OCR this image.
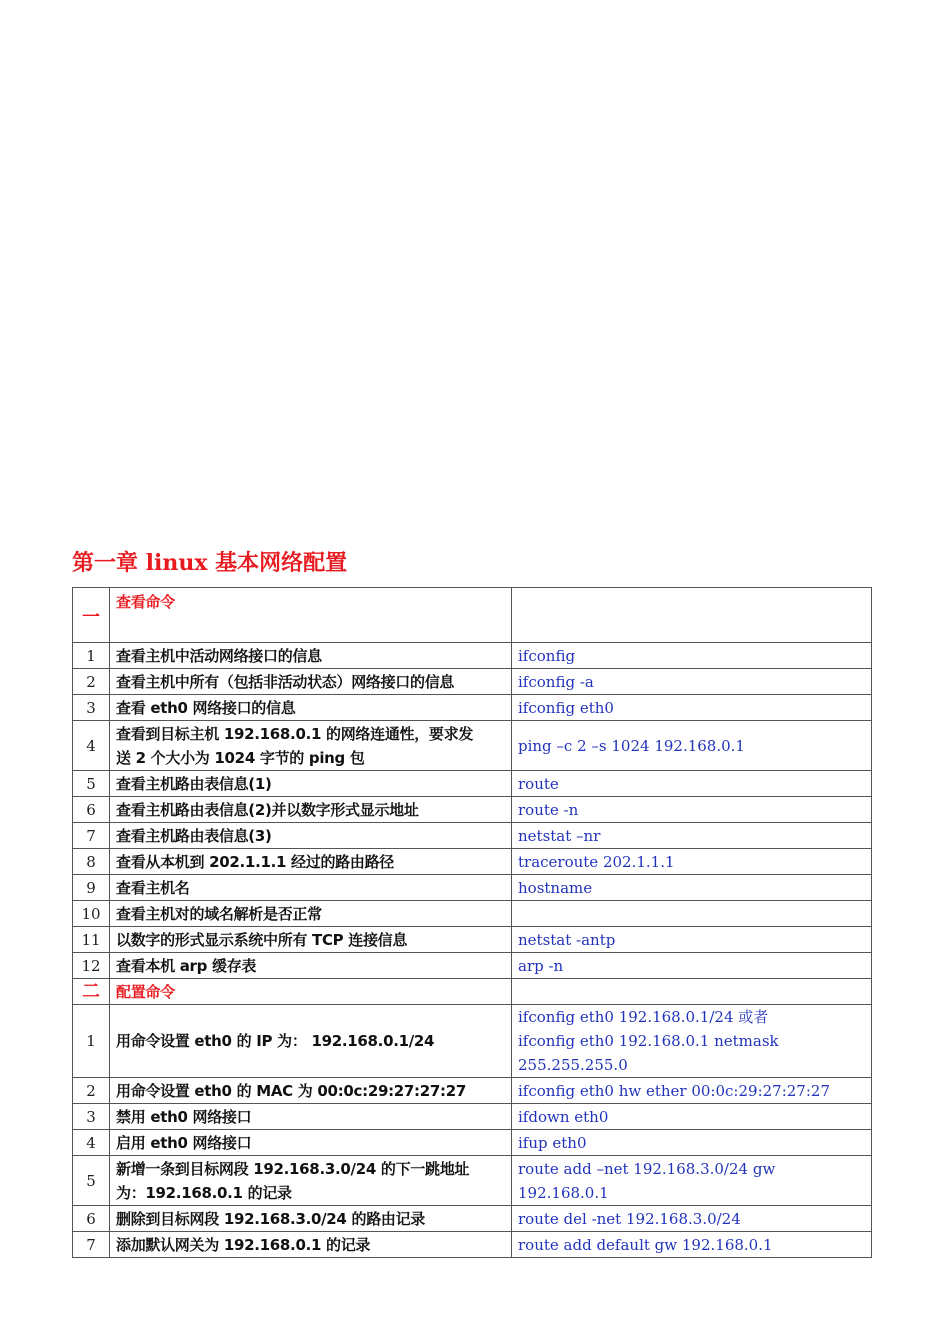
第一章 linux 基本网络配置
一	查看命令	
1	查看主机中活动网络接口的信息	ifconfig

2	查看主机中所有（包括非活动状态）网络接口的信息	ifconfig -a

3	查看 eth0 网络接口的信息	ifconfig eth0

4	查看到目标主机 192.168.0.1 的网络连通性，要求发
送 2 个大小为 1024 字节的 ping 包	ping –c 2 –s 1024 192.168.0.1

5	查看主机路由表信息(1)	route

6	查看主机路由表信息(2)并以数字形式显示地址	route -n

7	查看主机路由表信息(3)	netstat –nr

8	查看从本机到 202.1.1.1 经过的路由路径	traceroute 202.1.1.1

9	查看主机名	hostname

10	查看主机对的域名解析是否正常	

11	以数字的形式显示系统中所有 TCP 连接信息	netstat -antp

12	查看本机 arp 缓存表	arp -n

二	配置命令	
1	用命令设置 eth0 的 IP 为： 192.168.0.1/24	ifconfig eth0 192.168.0.1/24 或者
ifconfig eth0 192.168.0.1 netmask 255.255.255.0

2	用命令设置 eth0 的 MAC 为 00:0c:29:27:27:27	ifconfig eth0 hw ether 00:0c:29:27:27:27

3	禁用 eth0 网络接口	ifdown eth0

4	启用 eth0 网络接口	ifup eth0

5	新增一条到目标网段 192.168.3.0/24 的下一跳地址
为：192.168.0.1 的记录	route add –net 192.168.3.0/24 gw 192.168.0.1

6	删除到目标网段 192.168.3.0/24 的路由记录	route del -net 192.168.3.0/24

7	添加默认网关为 192.168.0.1 的记录	route add default gw 192.168.0.1
